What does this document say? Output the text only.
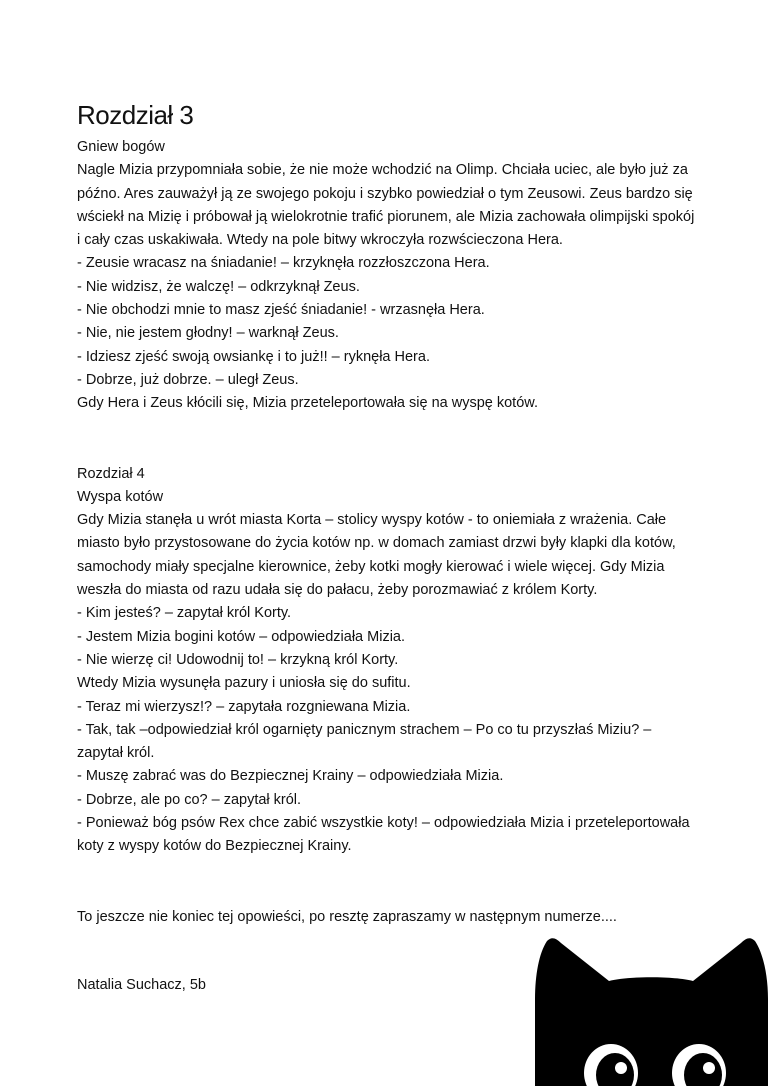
Rozdział 3

Gniew bogów

Nagle Mizia przypomniała sobie, że nie może wchodzić na Olimp. Chciała uciec, ale było już za

późno. Ares zauważył ją ze swojego pokoju i szybko powiedział o tym Zeusowi. Zeus bardzo się

wściekł na Mizię i próbował ją wielokrotnie trafić piorunem, ale Mizia zachowała olimpijski spokój

i cały czas uskakiwała. Wtedy na pole bitwy wkroczyła rozwścieczona Hera.

- Zeusie wracasz na śniadanie! – krzyknęła rozzłoszczona Hera.

- Nie widzisz, że walczę! – odkrzyknął Zeus.

- Nie obchodzi mnie to masz zjeść śniadanie! - wrzasnęła Hera.

- Nie, nie jestem głodny! – warknął Zeus.

- Idziesz zjeść swoją owsiankę i to już!! – ryknęła Hera.

- Dobrze, już dobrze. – uległ Zeus.

Gdy Hera i Zeus kłócili się, Mizia przeteleportowała się na wyspę kotów.

Rozdział 4

Wyspa kotów

Gdy Mizia stanęła u wrót miasta Korta – stolicy wyspy kotów - to oniemiała z wrażenia. Całe

miasto było przystosowane do życia kotów np. w domach zamiast drzwi były klapki dla kotów,

samochody miały specjalne kierownice, żeby kotki mogły kierować i wiele więcej. Gdy Mizia

weszła do miasta od razu udała się do pałacu, żeby porozmawiać z królem Korty.

- Kim jesteś? – zapytał król Korty.

- Jestem Mizia bogini kotów – odpowiedziała Mizia.

- Nie wierzę ci! Udowodnij to! – krzykną król Korty.

Wtedy Mizia wysunęła pazury i uniosła się do sufitu.

- Teraz mi wierzysz!? – zapytała rozgniewana Mizia.

- Tak, tak –odpowiedział król ogarnięty panicznym strachem – Po co tu przyszłaś Miziu? –

zapytał król.

- Muszę zabrać was do Bezpiecznej Krainy – odpowiedziała Mizia.

- Dobrze, ale po co? – zapytał król.

- Ponieważ bóg psów Rex chce zabić wszystkie koty! – odpowiedziała Mizia i przeteleportowała

koty z wyspy kotów do Bezpiecznej Krainy.

To jeszcze nie koniec tej opowieści, po resztę zapraszamy w następnym numerze....

Natalia Suchacz, 5b
